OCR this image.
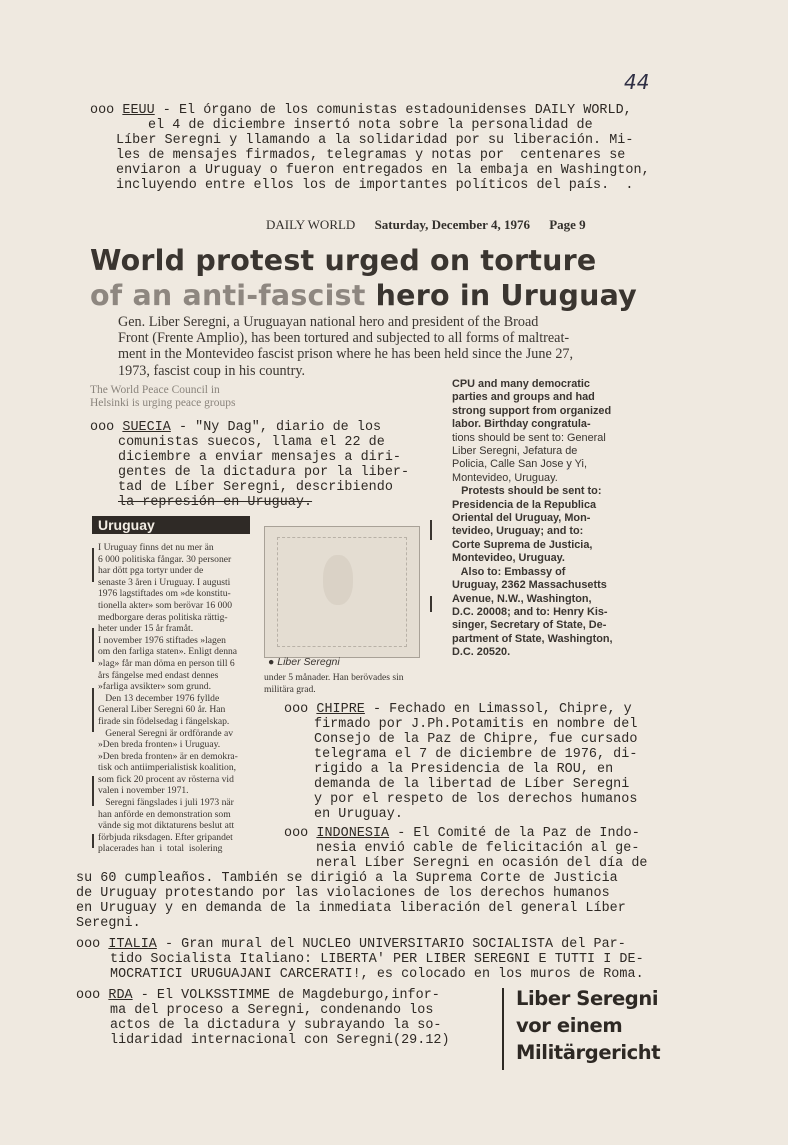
44

ooo EEUU - El órgano de los comunistas estadounidenses DAILY WORLD,

el 4 de diciembre insertó nota sobre la personalidad de

Líber Seregni y llamando a la solidaridad por su liberación. Mi-

les de mensajes firmados, telegramas y notas por  centenares se

enviaron a Uruguay o fueron entregados en la embaja en Washington,

incluyendo entre ellos los de importantes políticos del país.  .

DAILY WORLD Saturday, December 4, 1976 Page 9
World protest urged on torture
of an anti-fascist hero in Uruguay
Gen. Liber Seregni, a Uruguayan national hero and president of the Broad
Front (Frente Amplio), has been tortured and subjected to all forms of maltreat-
ment in the Montevideo fascist prison where he has been held since the June 27,
1973, fascist coup in his country.
The World Peace Council in
Helsinki is urging peace groups
CPU and many democratic
parties and groups and had
strong support from organized
labor. Birthday congratula-
tions should be sent to: General
Liber Seregni, Jefatura de
Policia, Calle San Jose y Yi,
Montevideo, Uruguay.
Protests should be sent to:
Presidencia de la Republica
Oriental del Uruguay, Mon-
tevideo, Uruguay; and to:
Corte Suprema de Justicia,
Montevideo, Uruguay.
Also to: Embassy of
Uruguay, 2362 Massachusetts
Avenue, N.W., Washington,
D.C. 20008; and to: Henry Kis-
singer, Secretary of State, De-
partment of State, Washington,
D.C. 20520.

ooo SUECIA - "Ny Dag", diario de los

comunistas suecos, llama el 22 de

diciembre a enviar mensajes a diri-

gentes de la dictadura por la liber-

tad de Líber Seregni, describiendo

la represión en Uruguay.

Uruguay
I Uruguay finns det nu mer än
6 000 politiska fångar. 30 personer
har dött pga tortyr under de
senaste 3 åren i Uruguay. I augusti
1976 lagstiftades om »de konstitu-
tionella akter» som berövar 16 000
medborgare deras politiska rättig-
heter under 15 år framåt.
I november 1976 stiftades »lagen
om den farliga staten». Enligt denna
»lag» får man döma en person till 6
års fängelse med endast dennes
»farliga avsikter» som grund.
Den 13 december 1976 fyllde
General Liber Seregni 60 år. Han
firade sin födelsedag i fängelskap.
General Seregni är ordförande av
»Den breda fronten» i Uruguay.
»Den breda fronten» är en demokra-
tisk och antiimperialistisk koalition,
som fick 20 procent av rösterna vid
valen i november 1971.
Seregni fängslades i juli 1973 när
han anförde en demonstration som
vände sig mot diktaturens beslut att
förbjuda riksdagen. Efter gripandet
placerades han  i  total  isolering
● Liber Seregni
under 5 månader. Han berövades sin
militära grad.

ooo CHIPRE - Fechado en Limassol, Chipre, y

firmado por J.Ph.Potamitis en nombre del

Consejo de la Paz de Chipre, fue cursado

telegrama el 7 de diciembre de 1976, di-

rigido a la Presidencia de la ROU, en

demanda de la libertad de Líber Seregni

y por el respeto de los derechos humanos

en Uruguay.

ooo INDONESIA - El Comité de la Paz de Indo-

nesia envió cable de felicitación al ge-

neral Líber Seregni en ocasión del día de

su 60 cumpleaños. También se dirigió a la Suprema Corte de Justicia

de Uruguay protestando por las violaciones de los derechos humanos

en Uruguay y en demanda de la inmediata liberación del general Líber

Seregni.

ooo ITALIA - Gran mural del NUCLEO UNIVERSITARIO SOCIALISTA del Par-

tido Socialista Italiano: LIBERTA' PER LIBER SEREGNI E TUTTI I DE-

MOCRATICI URUGUAJANI CARCERATI!, es colocado en los muros de Roma.

ooo RDA - El VOLKSSTIMME de Magdeburgo,infor-

ma del proceso a Seregni, condenando los

actos de la dictadura y subrayando la so-

lidaridad internacional con Seregni(29.12)

Liber Seregni
vor einem
Militärgericht
